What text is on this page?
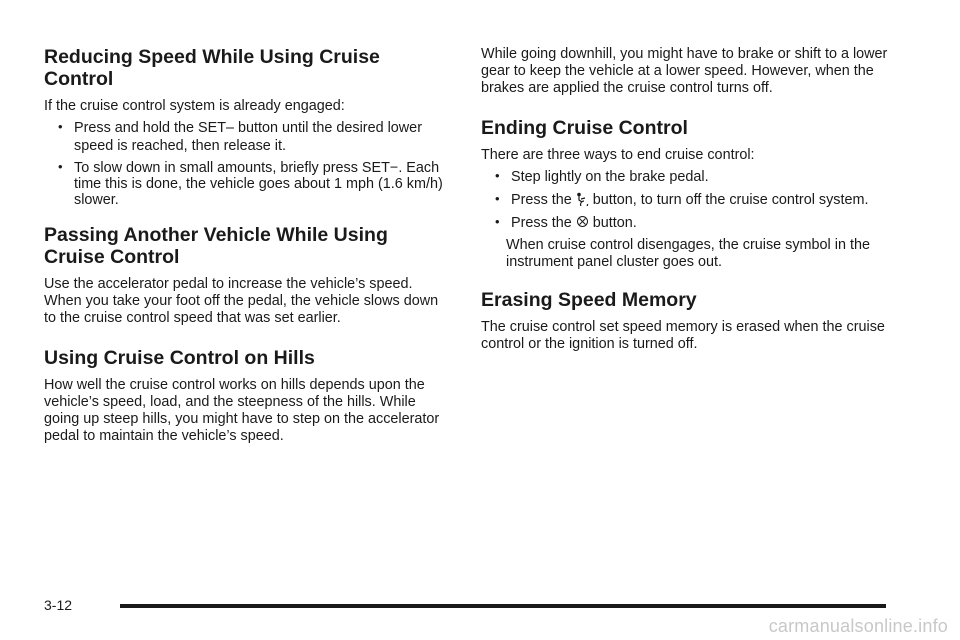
Reducing Speed While Using Cruise Control

If the cruise control system is already engaged:

• Press and hold the SET– button until the desired lower speed is reached, then release it.
• To slow down in small amounts, briefly press SET−. Each time this is done, the vehicle goes about 1 mph (1.6 km/h) slower.
Passing Another Vehicle While Using Cruise Control

Use the accelerator pedal to increase the vehicle’s speed. When you take your foot off the pedal, the vehicle slows down to the cruise control speed that was set earlier.

Using Cruise Control on Hills

How well the cruise control works on hills depends upon the vehicle’s speed, load, and the steepness of the hills. While going up steep hills, you might have to step on the accelerator pedal to maintain the vehicle’s speed.

While going downhill, you might have to brake or shift to a lower gear to keep the vehicle at a lower speed. However, when the brakes are applied the cruise control turns off.

Ending Cruise Control

There are three ways to end cruise control:

• Step lightly on the brake pedal.
• Press the button, to turn off the cruise control system.
• Press the button.

When cruise control disengages, the cruise symbol in the instrument panel cluster goes out.

Erasing Speed Memory

The cruise control set speed memory is erased when the cruise control or the ignition is turned off.

3-12
carmanualsonline.info
